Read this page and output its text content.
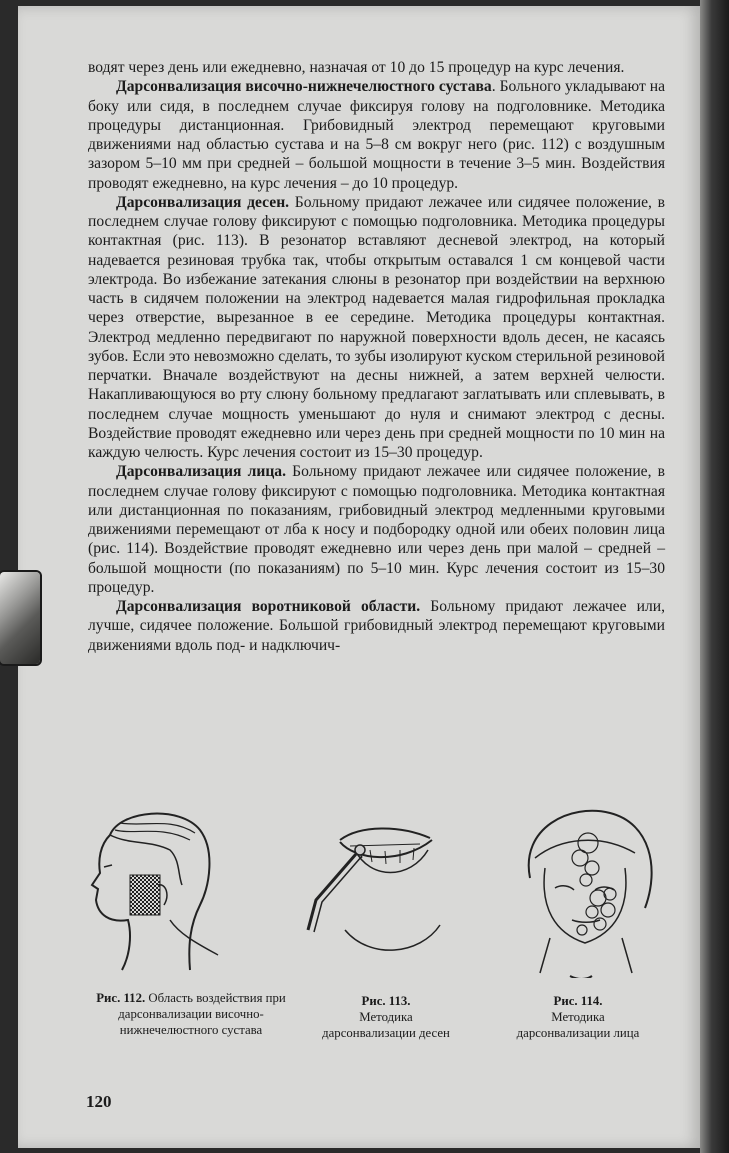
водят через день или ежедневно, назначая от 10 до 15 процедур на курс лечения.

Дарсонвализация височно-нижнечелюстного сустава. Больного укладывают на боку или сидя, в последнем случае фиксируя голову на подголовнике. Методика процедуры дистанционная. Грибовидный электрод перемещают круговыми движениями над областью сустава и на 5–8 см вокруг него (рис. 112) с воздушным зазором 5–10 мм при средней – большой мощности в течение 3–5 мин. Воздействия проводят ежедневно, на курс лечения – до 10 процедур.

Дарсонвализация десен. Больному придают лежачее или сидячее положение, в последнем случае голову фиксируют с помощью подголовника. Методика процедуры контактная (рис. 113). В резонатор вставляют десневой электрод, на который надевается резиновая трубка так, чтобы открытым оставался 1 см концевой части электрода. Во избежание затекания слюны в резонатор при воздействии на верхнюю часть в сидячем положении на электрод надевается малая гидрофильная прокладка через отверстие, вырезанное в ее середине. Методика процедуры контактная. Электрод медленно передвигают по наружной поверхности вдоль десен, не касаясь зубов. Если это невозможно сделать, то зубы изолируют куском стерильной резиновой перчатки. Вначале воздействуют на десны нижней, а затем верхней челюсти. Накапливающуюся во рту слюну больному предлагают заглатывать или сплевывать, в последнем случае мощность уменьшают до нуля и снимают электрод с десны. Воздействие проводят ежедневно или через день при средней мощности по 10 мин на каждую челюсть. Курс лечения состоит из 15–30 процедур.

Дарсонвализация лица. Больному придают лежачее или сидячее положение, в последнем случае голову фиксируют с помощью подголовника. Методика контактная или дистанционная по показаниям, грибовидный электрод медленными круговыми движениями перемещают от лба к носу и подбородку одной или обеих половин лица (рис. 114). Воздействие проводят ежедневно или через день при малой – средней – большой мощности (по показаниям) по 5–10 мин. Курс лечения состоит из 15–30 процедур.

Дарсонвализация воротниковой области. Больному придают лежачее или, лучше, сидячее положение. Большой грибовидный электрод перемещают круговыми движениями вдоль под- и надключич-

Рис. 112. Область воздействия при дарсонвализации височно-нижнечелюстного сустава
Рис. 113.
Методика дарсонвализации десен
Рис. 114.
Методика дарсонвализации лица
120
